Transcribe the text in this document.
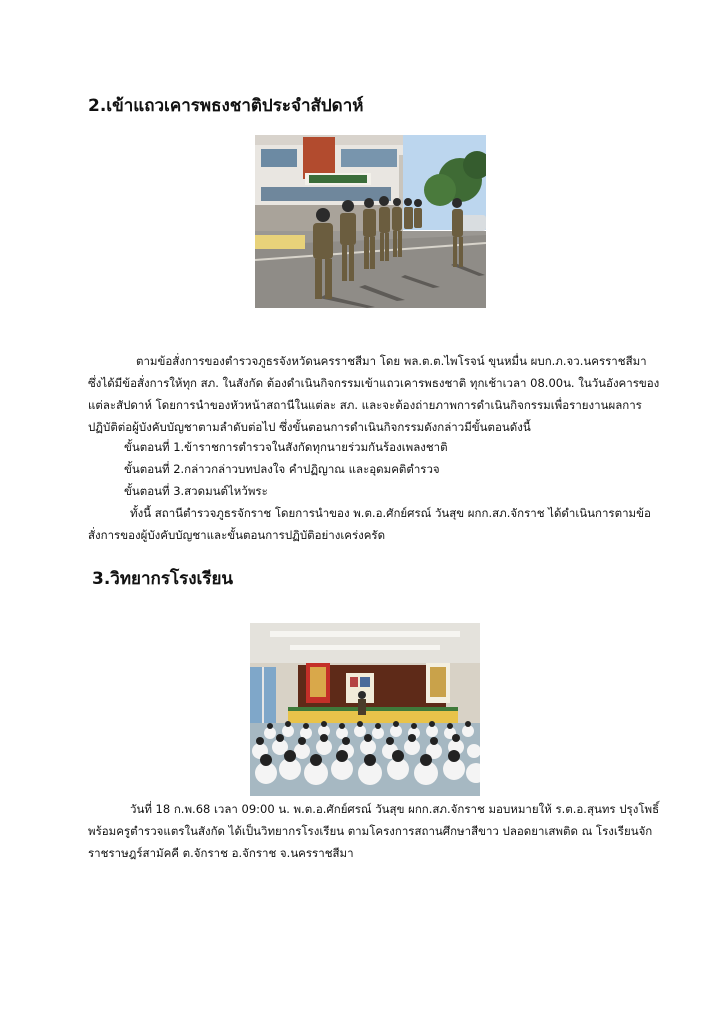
2.เข้าแถวเคารพธงชาติประจำสัปดาห์
ตามข้อสั่งการของตำรวจภูธรจังหวัดนครราชสีมา โดย พล.ต.ต.ไพโรจน์ ขุนหมื่น ผบก.ภ.จว.นครราชสีมา
ซึ่งได้มีข้อสั่งการให้ทุก สภ. ในสังกัด ต้องดำเนินกิจกรรมเข้าแถวเคารพธงชาติ ทุกเช้าเวลา 08.00น. ในวันอังคารของ
แต่ละสัปดาห์ โดยการนำของหัวหน้าสถานีในแต่ละ สภ. และจะต้องถ่ายภาพการดำเนินกิจกรรมเพื่อรายงานผลการ
ปฏิบัติต่อผู้บังคับบัญชาตามลำดับต่อไป ซึ่งขั้นตอนการดำเนินกิจกรรมดังกล่าวมีขั้นตอนดังนี้
ขั้นตอนที่ 1.ข้าราชการตำรวจในสังกัดทุกนายร่วมกันร้องเพลงชาติ
ขั้นตอนที่ 2.กล่าวกล่าวบทปลงใจ คำปฏิญาณ และอุดมคติตำรวจ
ขั้นตอนที่ 3.สวดมนต์ไหว้พระ
ทั้งนี้ สถานีตำรวจภูธรจักราช โดยการนำของ พ.ต.อ.ศักย์ศรณ์ วันสุข ผกก.สภ.จักราช ได้ดำเนินการตามข้อ
สั่งการของผู้บังคับบัญชาและขั้นตอนการปฏิบัติอย่างเคร่งครัด
3.วิทยากรโรงเรียน
วันที่ 18 ก.พ.68 เวลา 09:00 น. พ.ต.อ.ศักย์ศรณ์ วันสุข ผกก.สภ.จักราช มอบหมายให้ ร.ต.อ.สุนทร ปรุงโพธิ์
พร้อมครูตำรวจแตรในสังกัด ได้เป็นวิทยากรโรงเรียน ตามโครงการสถานศึกษาสีขาว ปลอดยาเสพติด ณ โรงเรียนจัก
ราชราษฎร์สามัคคี ต.จักราช อ.จักราช จ.นครราชสีมา
